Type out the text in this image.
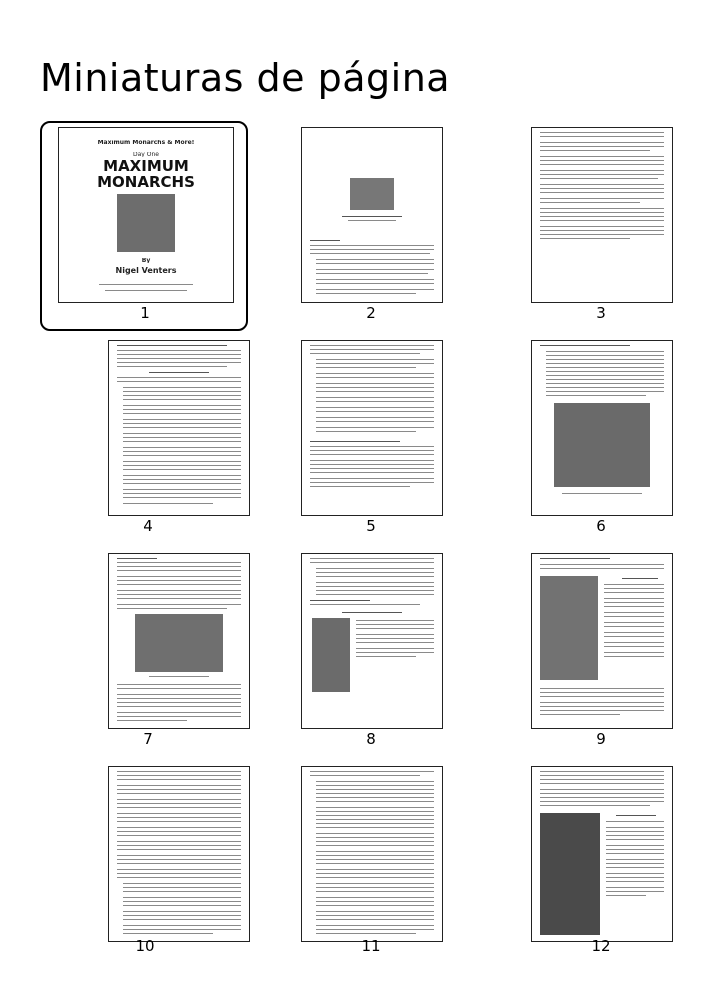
Miniaturas de página
Maximum Monarchs & More!
Day One
MAXIMUM
MONARCHS
By
Nigel Venters
1	2	3
4	5	6
7	8	9
10	11	12
